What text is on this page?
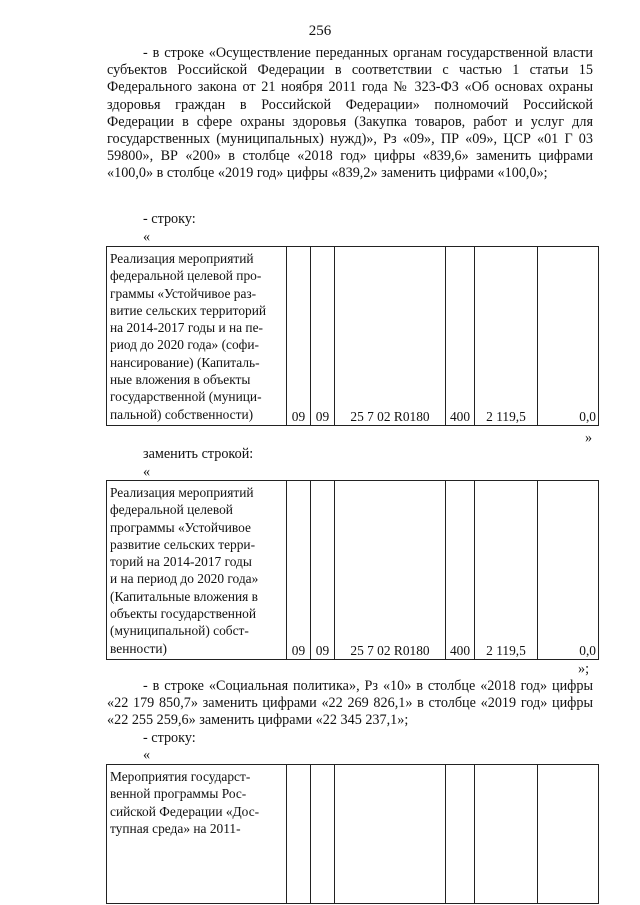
256
- в строке «Осуществление переданных органам государственной власти субъектов Российской Федерации в соответствии с частью 1 статьи 15 Федерального закона от 21 ноября 2011 года № 323-ФЗ «Об основах охраны здоровья граждан в Российской Федерации» полномочий Российской Федерации в сфере охраны здоровья (Закупка товаров, работ и услуг для государственных (муниципальных) нужд)», Рз «09», ПР «09», ЦСР «01 Г 03 59800», ВР «200» в столбце «2018 год» цифры «839,6» заменить цифрами «100,0» в столбце «2019 год» цифры «839,2» заменить цифрами «100,0»;
- строку:
«
Реализация мероприятий
федеральной целевой про-
граммы «Устойчивое раз-
витие сельских территорий
на 2014-2017 годы и на пе-
риод до 2020 года» (софи-
нансирование) (Капиталь-
ные вложения в объекты
государственной (муници-
пальной) собственности)	09	09	25 7 02 R0180	400	2 119,5	0,0
»
заменить строкой:
«
Реализация мероприятий
федеральной целевой
программы «Устойчивое
развитие сельских терри-
торий на 2014-2017 годы
и на период до 2020 года»
(Капитальные вложения в
объекты государственной
(муниципальной) собст-
венности)	09	09	25 7 02 R0180	400	2 119,5	0,0
»;
- в строке «Социальная политика», Рз «10» в столбце «2018 год» цифры «22 179 850,7» заменить цифрами «22 269 826,1» в столбце «2019 год» цифры «22 255 259,6» заменить цифрами «22 345 237,1»;
- строку:
«
Мероприятия государст-
венной программы Рос-
сийской Федерации «Дос-
тупная среда» на 2011-
